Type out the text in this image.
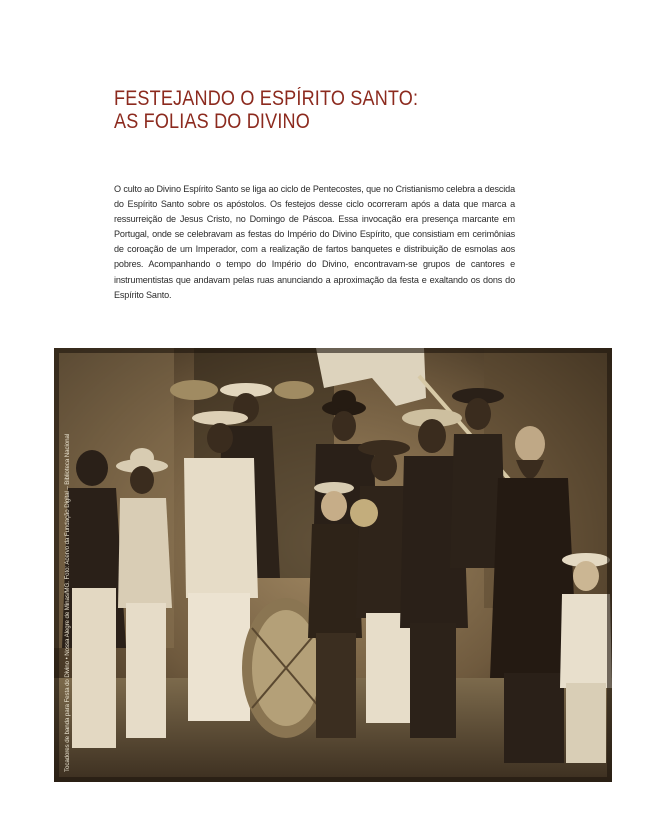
FESTEJANDO O ESPÍRITO SANTO:
AS FOLIAS DO DIVINO

O culto ao Divino Espírito Santo se liga ao ciclo de Pentecostes, que no Cristianismo celebra a descida do Espírito Santo sobre os apóstolos. Os festejos desse ciclo ocorreram após a data que marca a ressurreição de Jesus Cristo, no Domingo de Páscoa. Essa invocação era presença marcante em Portugal, onde se celebravam as festas do Império do Divino Espírito, que consistiam em cerimônias de coroação de um Imperador, com a realização de fartos banquetes e distribuição de esmolas aos pobres. Acompanhando o tempo do Império do Divino, encontravam-se grupos de cantores e instrumentistas que andavam pelas ruas anunciando a aproximação da festa e exaltando os dons do Espírito Santo.

Tocadores de banda para Festa do Divino • Nossa Alegre de Minas/MG. Foto: Acervo da Fundação Digital – Biblioteca Nacional
